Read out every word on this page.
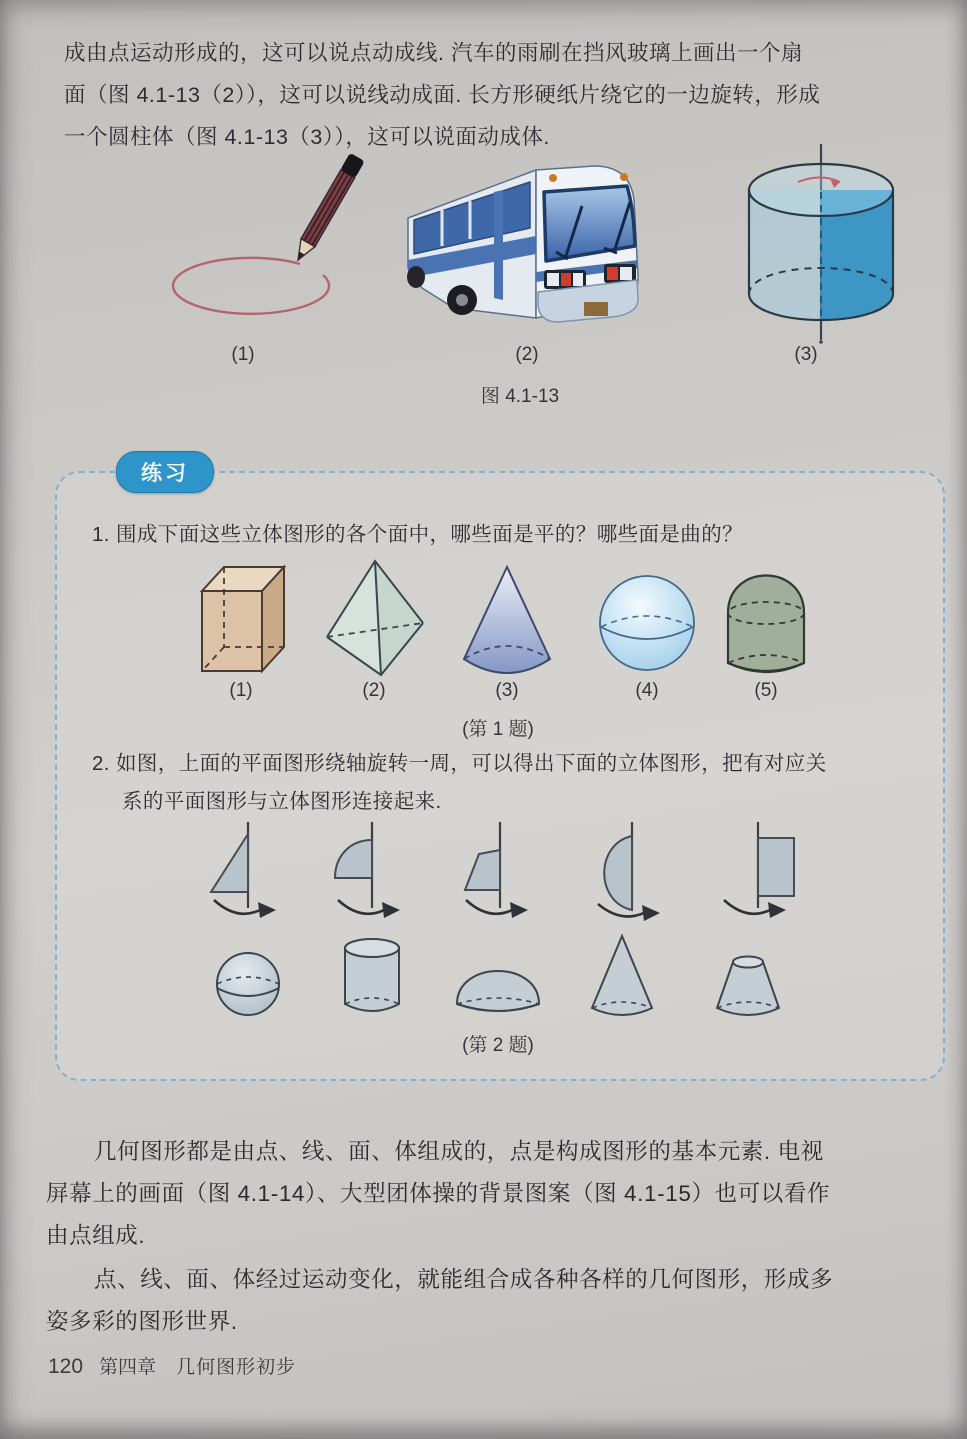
成由点运动形成的，这可以说点动成线. 汽车的雨刷在挡风玻璃上画出一个扇
面（图 4.1-13（2）），这可以说线动成面. 长方形硬纸片绕它的一边旋转，形成
一个圆柱体（图 4.1-13（3）），这可以说面动成体.
(1)	(2)	(3)
图 4.1-13
练习
1. 围成下面这些立体图形的各个面中，哪些面是平的？哪些面是曲的？
(1)	(2)	(3)	(4)	(5)
(第 1 题)
2. 如图，上面的平面图形绕轴旋转一周，可以得出下面的立体图形，把有对应关
系的平面图形与立体图形连接起来.
(第 2 题)
几何图形都是由点、线、面、体组成的，点是构成图形的基本元素. 电视
屏幕上的画面（图 4.1-14）、大型团体操的背景图案（图 4.1-15）也可以看作
由点组成.
点、线、面、体经过运动变化，就能组合成各种各样的几何图形，形成多
姿多彩的图形世界.
120 第四章 几何图形初步
